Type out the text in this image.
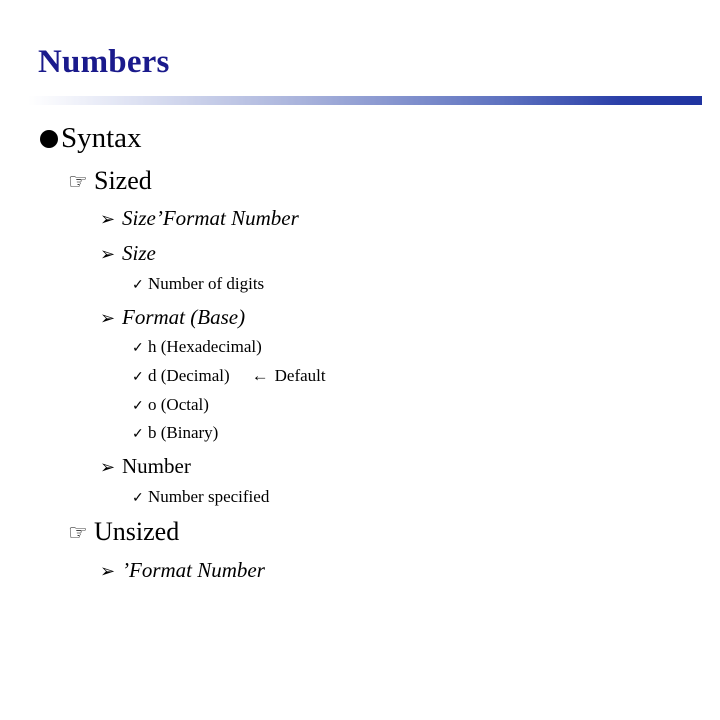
Numbers
Syntax
☞ Sized
➢ Size’Format Number
➢ Size
✓ Number of digits
➢ Format (Base)
✓ h (Hexadecimal)
✓ d (Decimal) ← Default
✓ o (Octal)
✓ b (Binary)
➢ Number
✓ Number specified
☞ Unsized
➢ ’Format Number
